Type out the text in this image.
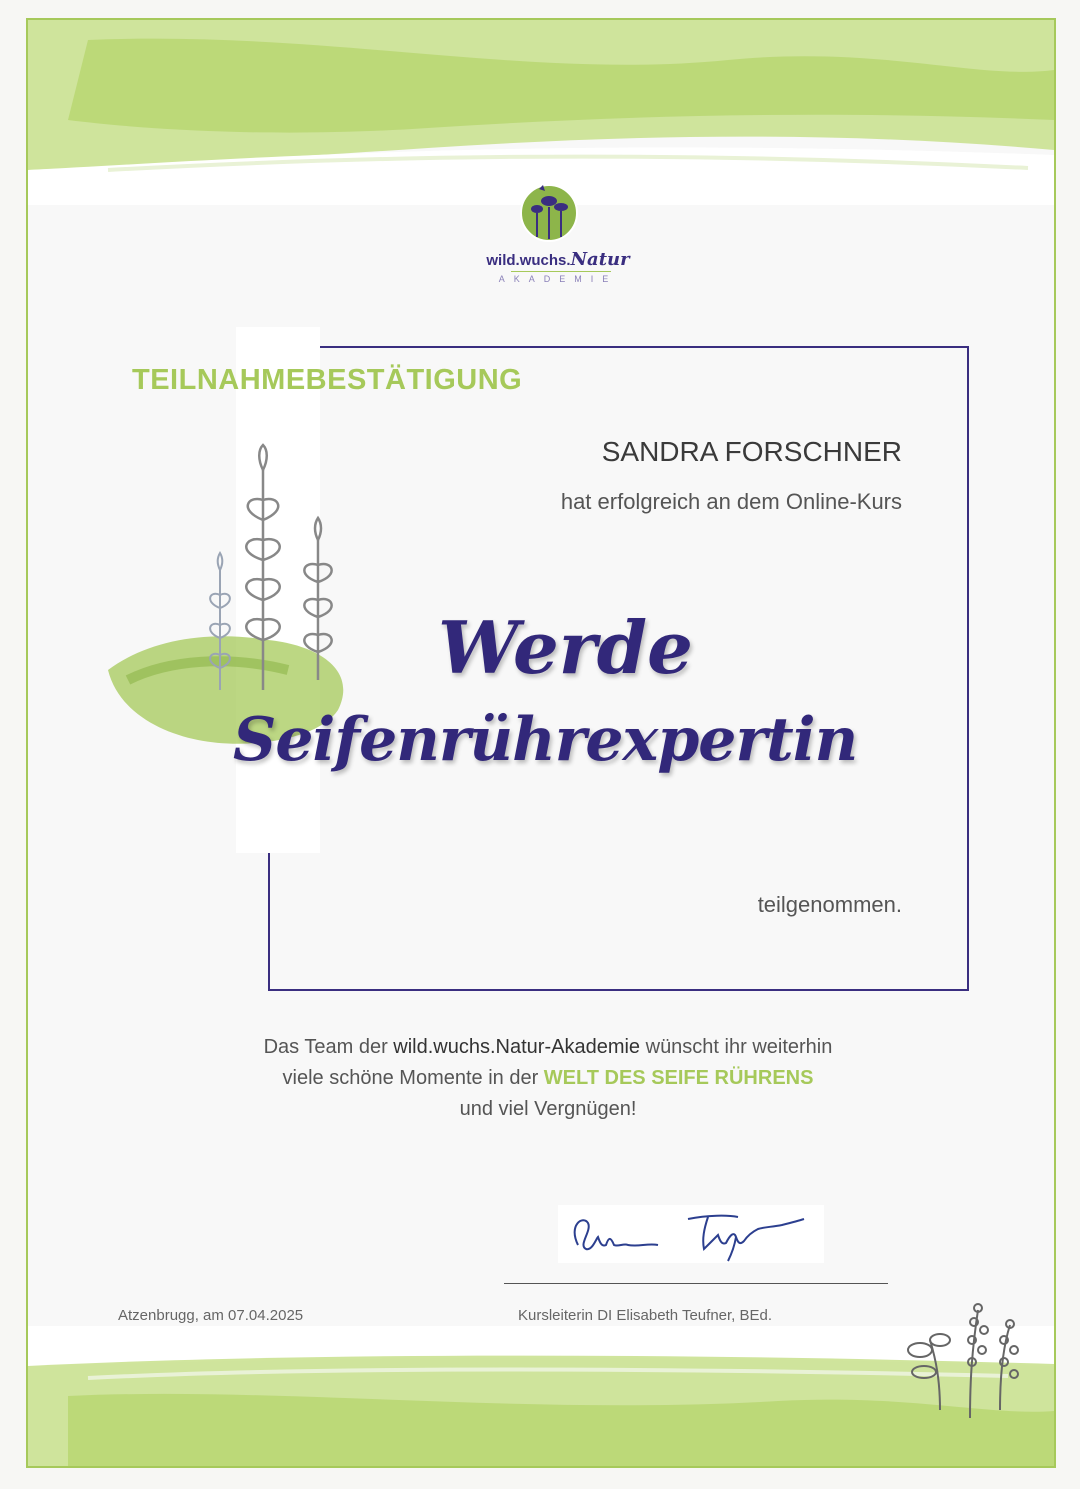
wild.wuchs.Natur
AKADEMIE
TEILNAHMEBESTÄTIGUNG
SANDRA FORSCHNER
hat erfolgreich an dem Online-Kurs
Werde
Seifenrührexpertin
teilgenommen.
Das Team der wild.wuchs.Natur-Akademie wünscht ihr weiterhin
viele schöne Momente in der WELT DES SEIFE RÜHRENS
und viel Vergnügen!
Atzenbrugg, am 07.04.2025	Kursleiterin DI Elisabeth Teufner, BEd.
